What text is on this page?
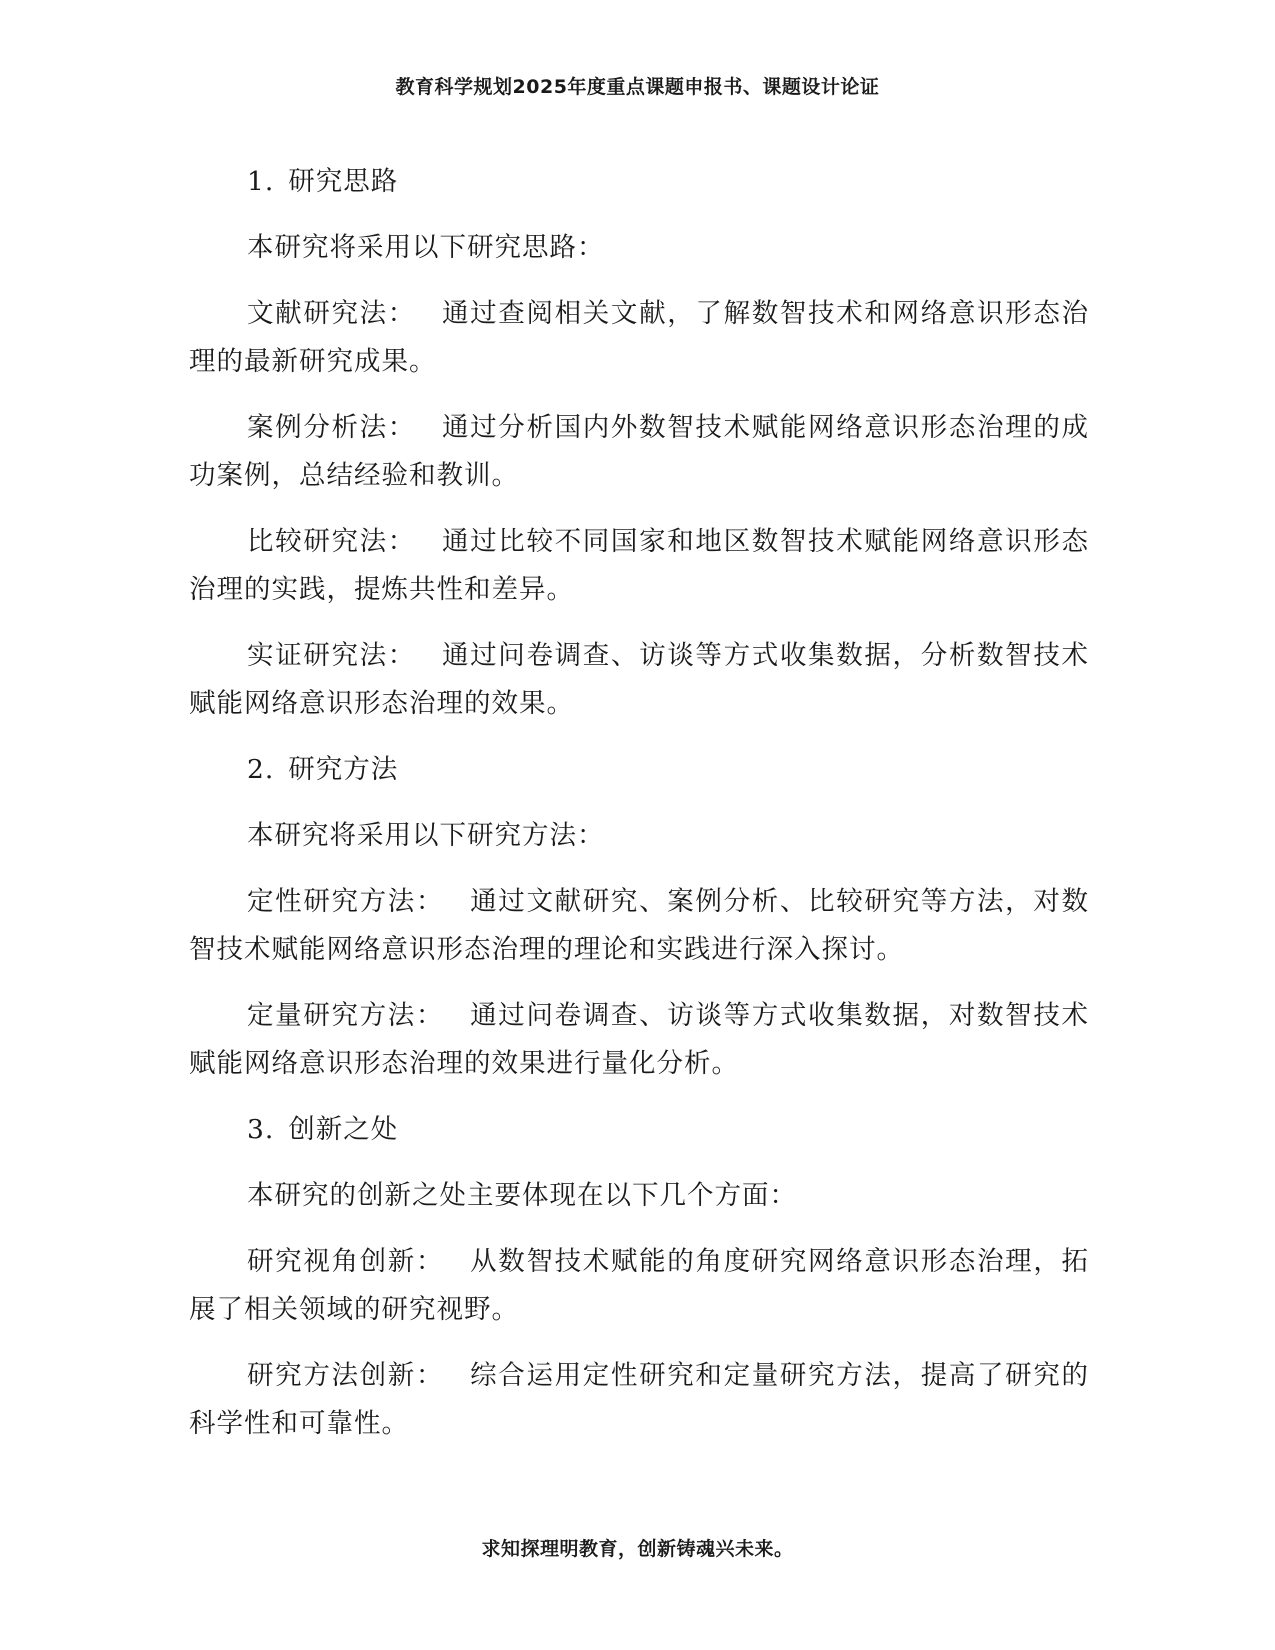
教育科学规划2025年度重点课题申报书、课题设计论证

1. 研究思路

本研究将采用以下研究思路：

文献研究法： 通过查阅相关文献，了解数智技术和网络意识形态治理的最新研究成果。

案例分析法： 通过分析国内外数智技术赋能网络意识形态治理的成功案例，总结经验和教训。

比较研究法： 通过比较不同国家和地区数智技术赋能网络意识形态治理的实践，提炼共性和差异。

实证研究法： 通过问卷调查、访谈等方式收集数据，分析数智技术赋能网络意识形态治理的效果。

2. 研究方法

本研究将采用以下研究方法：

定性研究方法： 通过文献研究、案例分析、比较研究等方法，对数智技术赋能网络意识形态治理的理论和实践进行深入探讨。

定量研究方法： 通过问卷调查、访谈等方式收集数据，对数智技术赋能网络意识形态治理的效果进行量化分析。

3. 创新之处

本研究的创新之处主要体现在以下几个方面：

研究视角创新： 从数智技术赋能的角度研究网络意识形态治理，拓展了相关领域的研究视野。

研究方法创新： 综合运用定性研究和定量研究方法，提高了研究的科学性和可靠性。

求知探理明教育，创新铸魂兴未来。
